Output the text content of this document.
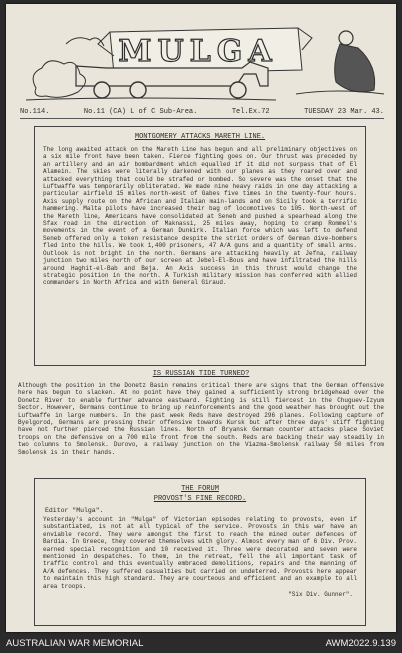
MULGA
No.114.	No.11 (CA) L of C Sub-Area.	Tel.Ex.72	TUESDAY 23 Mar. 43.
MONTGOMERY ATTACKS MARETH LINE.
The long awaited attack on the Mareth Line has begun and all preliminary objectives on a six mile front have been taken. Fierce fighting goes on. Our thrust was preceded by an artillery and an air bombardment which equalled if it did not surpass that of El Alamein. The skies were literally darkened with our planes as they roared over and attacked everything that could be strafed or bombed. So severe was the onset that the Luftwaffe was temporarily obliterated. We made nine heavy raids in one day attacking a particular airfield 15 miles north-west of Gabes five times in the twenty-four hours. Axis supply route on the African and Italian main-lands and on Sicily took a terrific hammering. Malta pilots have increased their bag of locomotives to 105. North-west of the Mareth line, Americans have consolidated at Seneb and pushed a spearhead along the Sfax road in the direction of Maknassi, 25 miles away, hoping to cramp Rommel's movements in the event of a German Dunkirk. Italian force which was left to defend Seneb offered only a token resistance despite the strict orders of German dive-bombers fled into the hills. We took 1,400 prisoners, 47 A/A guns and a quantity of small arms. Outlook is not bright in the north. Germans are attacking heavily at Jefna, railway junction two miles north of our screen at Jebel-El-Bous and have infiltrated the hills around Haghit-el-Bab and Beja. An Axis success in this thrust would change the strategic position in the north. A Turkish military mission has conferred with allied commanders in North Africa and with General Giraud.
IS RUSSIAN TIDE TURNED?
Although the position in the Donetz Basin remains critical there are signs that the German offensive here has begun to slacken. At no point have they gained a sufficiently strong bridgehead over the Donetz River to enable further advance eastward. Fighting is still fiercest in the Chuguev-Izyum Sector. However, Germans continue to bring up reinforcements and the good weather has brought out the Luftwaffe in large numbers. In the past week Reds have destroyed 296 planes. Following capture of Byelgorod, Germans are pressing their offensive towards Kursk but after three days' stiff fighting have not further pierced the Russian lines. North of Bryansk German counter attacks place Soviet troops on the defensive on a 700 mile front from the south. Reds are backing their way steadily in two columns to Smolensk. Durovo, a railway junction on the Viazma-Smolensk railway 50 miles from Smolensk is in their hands.
THE FORUM
PROVOST'S FINE RECORD.
Editor "Mulga".
Yesterday's account in "Mulga" of Victorian episodes relating to provosts, even if substantiated, is not at all typical of the service. Provosts in this war have an enviable record. They were amongst the first to reach the mined outer defences of Bardia. In Greece, they covered themselves with glory. Almost every man of 6 Div. Prov. earned special recognition and 10 received it. Three were decorated and seven were mentioned in despatches. To them, in the retreat, fell the all important task of traffic control and this eventually embraced demolitions, repairs and the manning of A/A defences. They suffered casualties but carried on undeterred. Provosts here appear to maintain this high standard. They are courteous and efficient and an example to all area troops.
"Six Div. Gunner".
AUSTRALIAN WAR MEMORIAL	AWM2022.9.139
